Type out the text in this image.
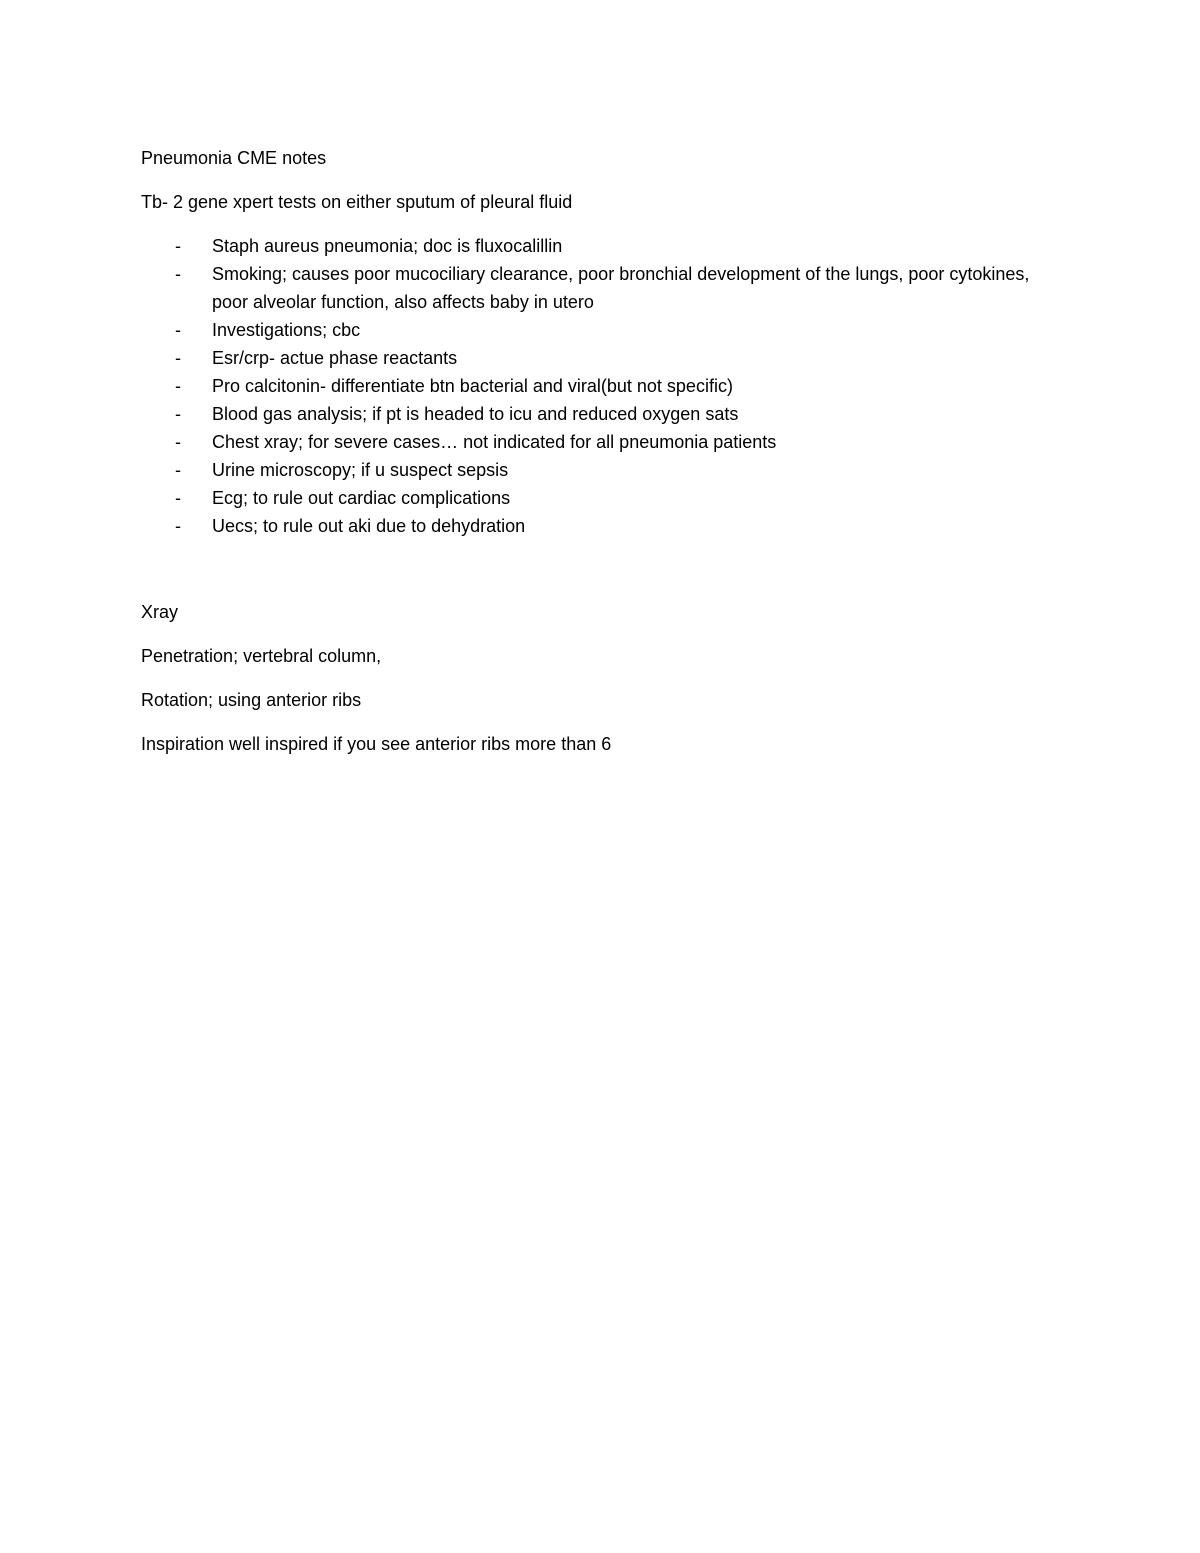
Pneumonia CME notes

Tb- 2 gene xpert tests on either sputum of pleural fluid

- Staph aureus pneumonia; doc is fluxocalillin
- Smoking; causes poor mucociliary clearance, poor bronchial development of the lungs, poor cytokines, poor alveolar function, also affects baby in utero
- Investigations; cbc
- Esr/crp- actue phase reactants
- Pro calcitonin- differentiate btn bacterial and viral(but not specific)
- Blood gas analysis; if pt is headed to icu and reduced oxygen sats
- Chest xray; for severe cases… not indicated for all pneumonia patients
- Urine microscopy; if u suspect sepsis
- Ecg; to rule out cardiac complications
- Uecs; to rule out aki due to dehydration

Xray

Penetration; vertebral column,

Rotation; using anterior ribs

Inspiration well inspired if you see anterior ribs more than 6
